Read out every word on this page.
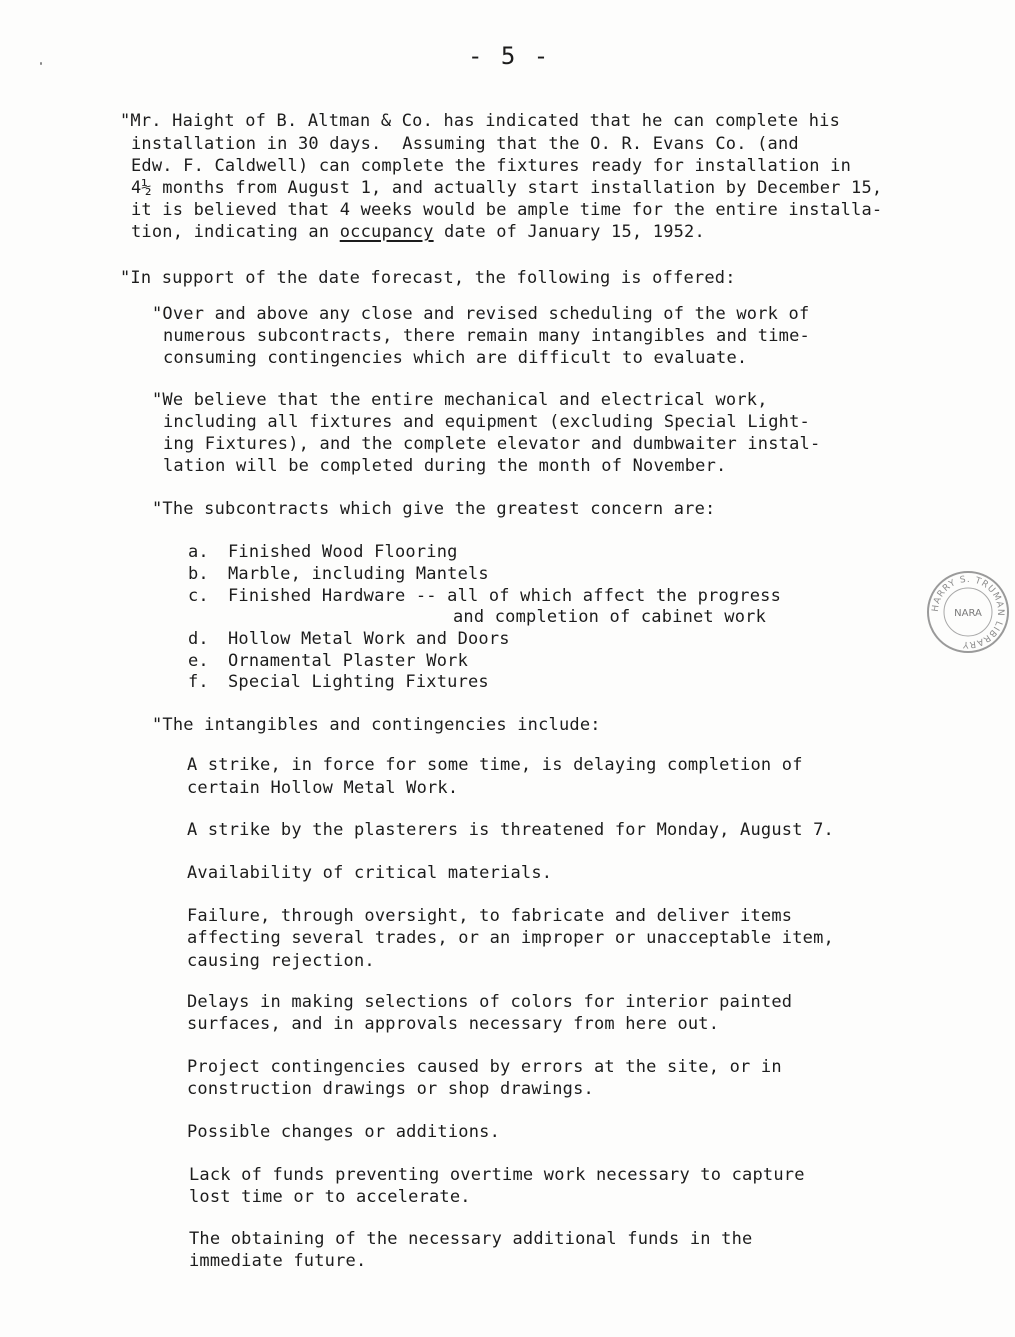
- 5 -
"Mr. Haight of B. Altman & Co. has indicated that he can complete his
installation in 30 days.  Assuming that the O. R. Evans Co. (and
Edw. F. Caldwell) can complete the fixtures ready for installation in
4½ months from August 1, and actually start installation by December 15,
it is believed that 4 weeks would be ample time for the entire installa-
tion, indicating an occupancy date of January 15, 1952.
"In support of the date forecast, the following is offered:
"Over and above any close and revised scheduling of the work of
numerous subcontracts, there remain many intangibles and time-
consuming contingencies which are difficult to evaluate.
"We believe that the entire mechanical and electrical work,
including all fixtures and equipment (excluding Special Light-
ing Fixtures), and the complete elevator and dumbwaiter instal-
lation will be completed during the month of November.
"The subcontracts which give the greatest concern are:
a. Finished Wood Flooring
b. Marble, including Mantels
c. Finished Hardware -- all of which affect the progress
and completion of cabinet work
d. Hollow Metal Work and Doors
e. Ornamental Plaster Work
f. Special Lighting Fixtures
"The intangibles and contingencies include:
A strike, in force for some time, is delaying completion of
certain Hollow Metal Work.
A strike by the plasterers is threatened for Monday, August 7.
Availability of critical materials.
Failure, through oversight, to fabricate and deliver items
affecting several trades, or an improper or unacceptable item,
causing rejection.
Delays in making selections of colors for interior painted
surfaces, and in approvals necessary from here out.
Project contingencies caused by errors at the site, or in
construction drawings or shop drawings.
Possible changes or additions.
Lack of funds preventing overtime work necessary to capture
lost time or to accelerate.
The obtaining of the necessary additional funds in the
immediate future.
HARRY S. TRUMAN LIBRARY
NARA
